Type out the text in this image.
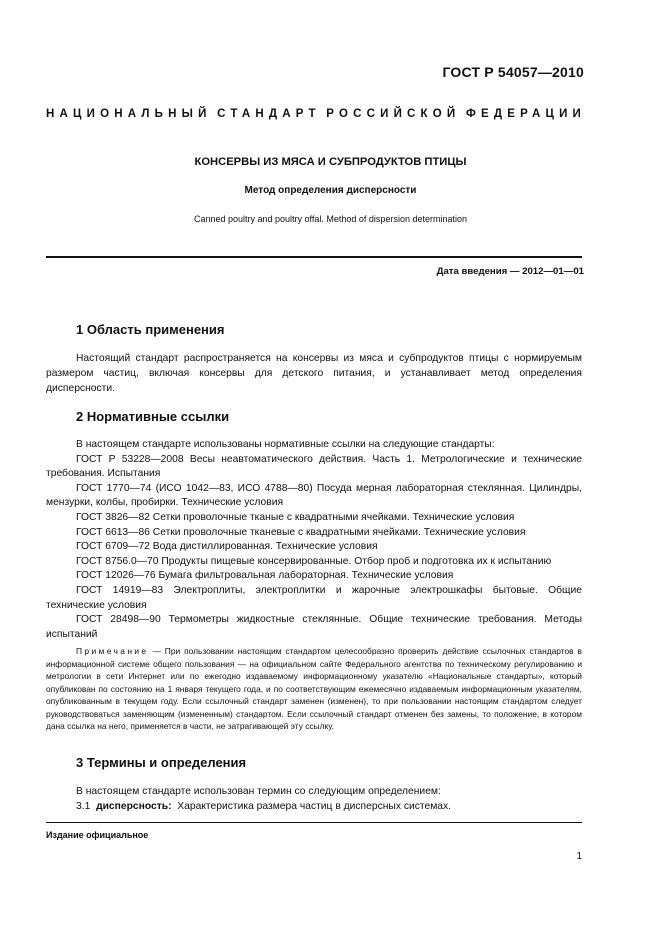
ГОСТ Р 54057—2010
НАЦИОНАЛЬНЫЙ СТАНДАРТ РОССИЙСКОЙ ФЕДЕРАЦИИ
КОНСЕРВЫ ИЗ МЯСА И СУБПРОДУКТОВ ПТИЦЫ
Метод определения дисперсности
Canned poultry and poultry offal. Method of dispersion determination
Дата введения — 2012—01—01
1 Область применения

Настоящий стандарт распространяется на консервы из мяса и субпродуктов птицы с нормируемым размером частиц, включая консервы для детского питания, и устанавливает метод определения дисперсности.

2 Нормативные ссылки

В настоящем стандарте использованы нормативные ссылки на следующие стандарты:

ГОСТ Р 53228—2008 Весы неавтоматического действия. Часть 1. Метрологические и технические требования. Испытания

ГОСТ 1770—74 (ИСО 1042—83, ИСО 4788—80) Посуда мерная лабораторная стеклянная. Цилиндры, мензурки, колбы, пробирки. Технические условия

ГОСТ 3826—82 Сетки проволочные тканые с квадратными ячейками. Технические условия

ГОСТ 6613—86 Сетки проволочные тканевые с квадратными ячейками. Технические условия

ГОСТ 6709—72 Вода дистиллированная. Технические условия

ГОСТ 8756.0—70 Продукты пищевые консервированные. Отбор проб и подготовка их к испытанию

ГОСТ 12026—76 Бумага фильтровальная лабораторная. Технические условия

ГОСТ 14919—83 Электроплиты, электроплитки и жарочные электрошкафы бытовые. Общие технические условия

ГОСТ 28498—90 Термометры жидкостные стеклянные. Общие технические требования. Методы испытаний

Примечание — При пользовании настоящим стандартом целесообразно проверить действие ссылочных стандартов в информационной системе общего пользования — на официальном сайте Федерального агентства по техническому регулированию и метрологии в сети Интернет или по ежегодно издаваемому информационному указателю «Национальные стандарты», который опубликован по состоянию на 1 января текущего года, и по соответствующим ежемесячно издаваемым информационным указателям, опубликованным в текущем году. Если ссылочный стандарт заменен (изменен), то при пользовании настоящим стандартом следует руководствоваться заменяющим (измененным) стандартом. Если ссылочный стандарт отменен без замены, то положение, в котором дана ссылка на него, применяется в части, не затрагивающей эту ссылку.

3 Термины и определения

В настоящем стандарте использован термин со следующим определением:

3.1 дисперсность: Характеристика размера частиц в дисперсных системах.

Издание официальное
1
